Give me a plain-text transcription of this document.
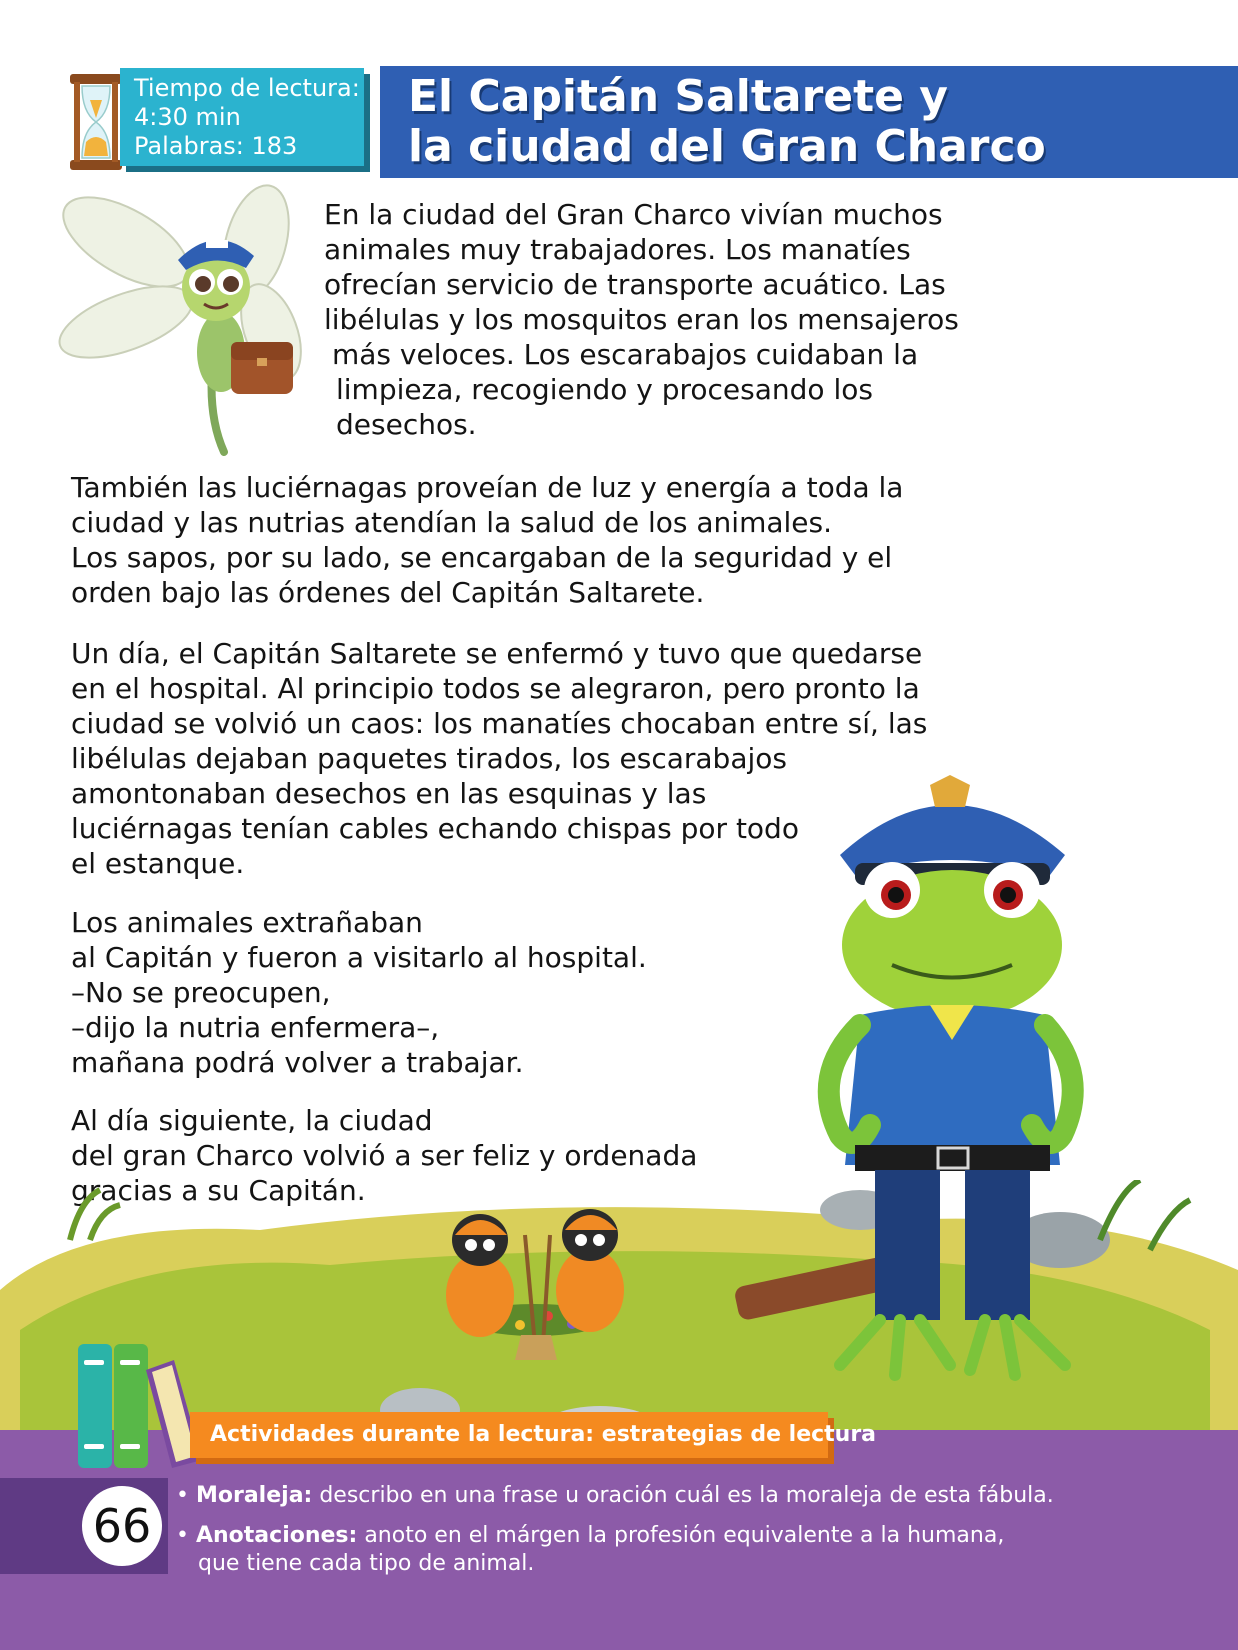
Tiempo de lectura:
4:30 min
Palabras: 183
El Capitán Saltarete y
la ciudad del Gran Charco
En la ciudad del Gran Charco vivían muchos
animales muy trabajadores. Los manatíes
ofrecían servicio de transporte acuático. Las
libélulas y los mosquitos eran los mensajeros
más veloces. Los escarabajos cuidaban la
limpieza, recogiendo y procesando los
desechos.
También las luciérnagas proveían de luz y energía a toda la
ciudad y las nutrias atendían la salud de los animales.
Los sapos, por su lado, se encargaban de la seguridad y el
orden bajo las órdenes del Capitán Saltarete.
Un día, el Capitán Saltarete se enfermó y tuvo que quedarse
en el hospital. Al principio todos se alegraron, pero pronto la
ciudad se volvió un caos: los manatíes chocaban entre sí, las
libélulas dejaban paquetes tirados, los escarabajos
amontonaban desechos en las esquinas y las
luciérnagas tenían cables echando chispas por todo
el estanque.
Los animales extrañaban
al Capitán y fueron a visitarlo al hospital.
–No se preocupen,
–dijo la nutria enfermera–,
mañana podrá volver a trabajar.
Al día siguiente, la ciudad
del gran Charco volvió a ser feliz y ordenada
gracias a su Capitán.
Actividades durante la lectura: estrategias de lectura
66
• Moraleja: describo en una frase u oración cuál es la moraleja de esta fábula.
• Anotaciones: anoto en el márgen la profesión equivalente a la humana,
que tiene cada tipo de animal.
